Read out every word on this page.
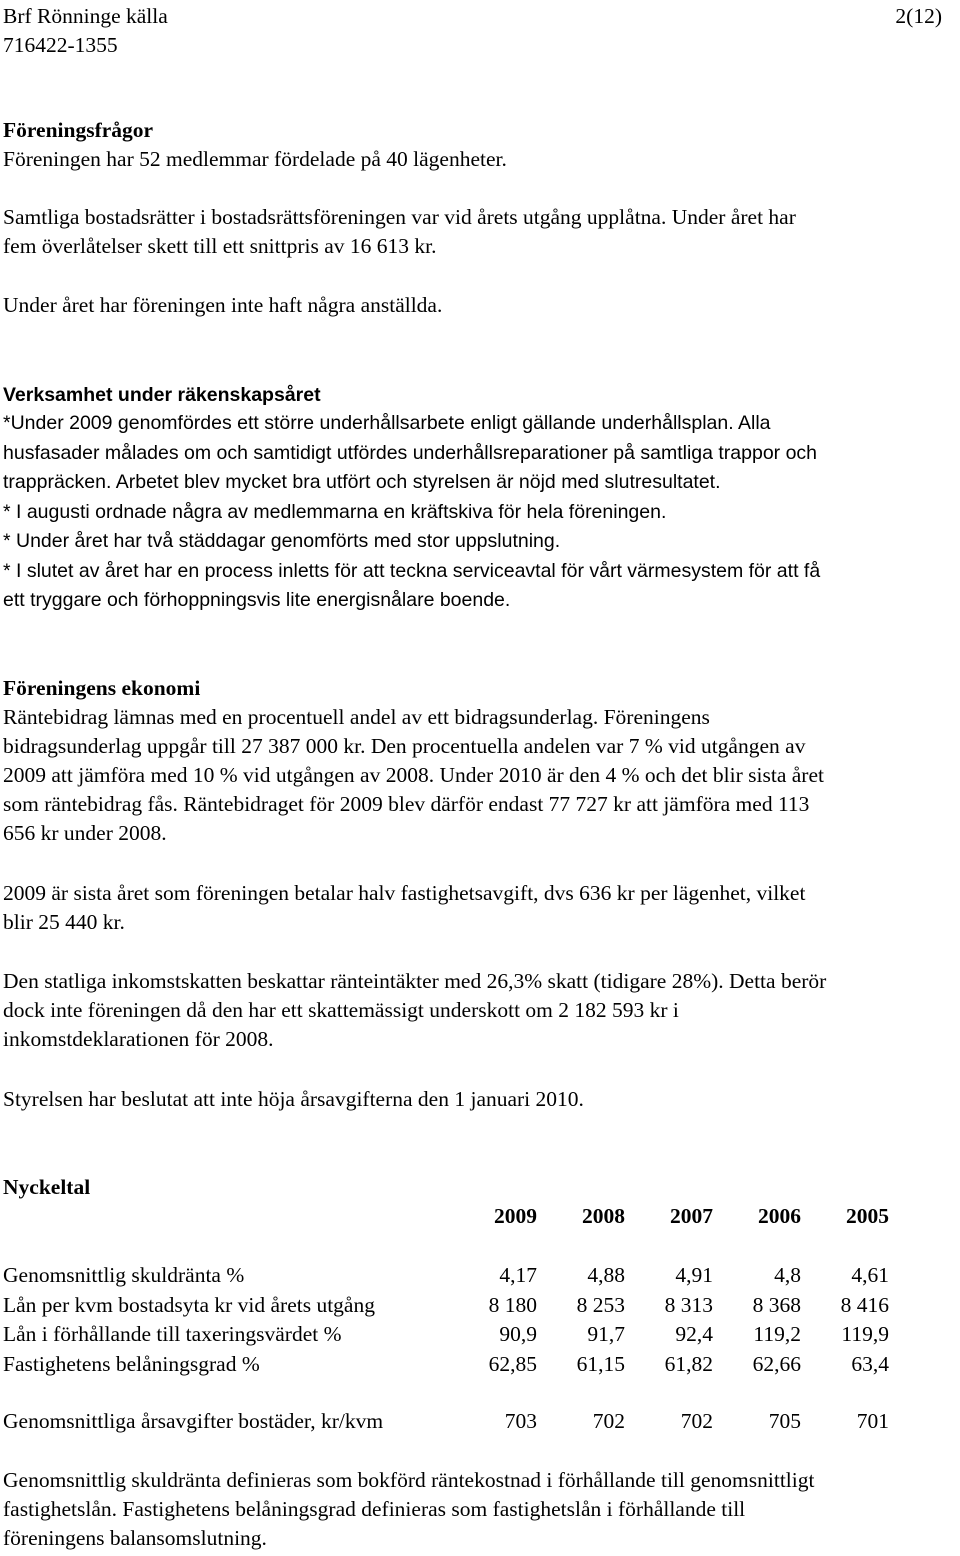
Brf Rönninge källa
716422-1355
2(12)
Föreningsfrågor

Föreningen har 52 medlemmar fördelade på 40 lägenheter.

Samtliga bostadsrätter i bostadsrättsföreningen var vid årets utgång upplåtna. Under året har

fem överlåtelser skett till ett snittpris av 16 613 kr.

Under året har föreningen inte haft några anställda.

Verksamhet under räkenskapsåret

*Under 2009 genomfördes ett större underhållsarbete enligt gällande underhållsplan. Alla

husfasader målades om och samtidigt utfördes underhållsreparationer på samtliga trappor och

trappräcken. Arbetet blev mycket bra utfört och styrelsen är nöjd med slutresultatet.

* I augusti ordnade några av medlemmarna en kräftskiva för hela föreningen.

* Under året har två städdagar genomförts med stor uppslutning.

* I slutet av året har en process inletts för att teckna serviceavtal för vårt värmesystem för att få

ett tryggare och förhoppningsvis lite energisnålare boende.

Föreningens ekonomi

Räntebidrag lämnas med en procentuell andel av ett bidragsunderlag. Föreningens

bidragsunderlag uppgår till 27 387 000 kr. Den procentuella andelen var 7 % vid utgången av

2009 att jämföra med 10 % vid utgången av 2008. Under 2010 är den 4 % och det blir sista året

som räntebidrag fås. Räntebidraget för 2009 blev därför endast 77 727 kr att jämföra med 113

656 kr under 2008.

2009 är sista året som föreningen betalar halv fastighetsavgift, dvs 636 kr per lägenhet, vilket

blir 25 440 kr.

Den statliga inkomstskatten beskattar ränteintäkter med 26,3% skatt (tidigare 28%). Detta berör

dock inte föreningen då den har ett skattemässigt underskott om 2 182 593 kr i

inkomstdeklarationen för 2008.

Styrelsen har beslutat att inte höja årsavgifterna den 1 januari 2010.

Nyckeltal
	2009	2008	2007	2006	2005
Genomsnittlig skuldränta %	4,17	4,88	4,91	4,8	4,61
Lån per kvm bostadsyta kr vid årets utgång	8 180	8 253	8 313	8 368	8 416
Lån i förhållande till taxeringsvärdet %	90,9	91,7	92,4	119,2	119,9
Fastighetens belåningsgrad %	62,85	61,15	61,82	62,66	63,4
Genomsnittliga årsavgifter bostäder, kr/kvm	703	702	702	705	701

Genomsnittlig skuldränta definieras som bokförd räntekostnad i förhållande till genomsnittligt

fastighetslån. Fastighetens belåningsgrad definieras som fastighetslån i förhållande till

föreningens balansomslutning.
